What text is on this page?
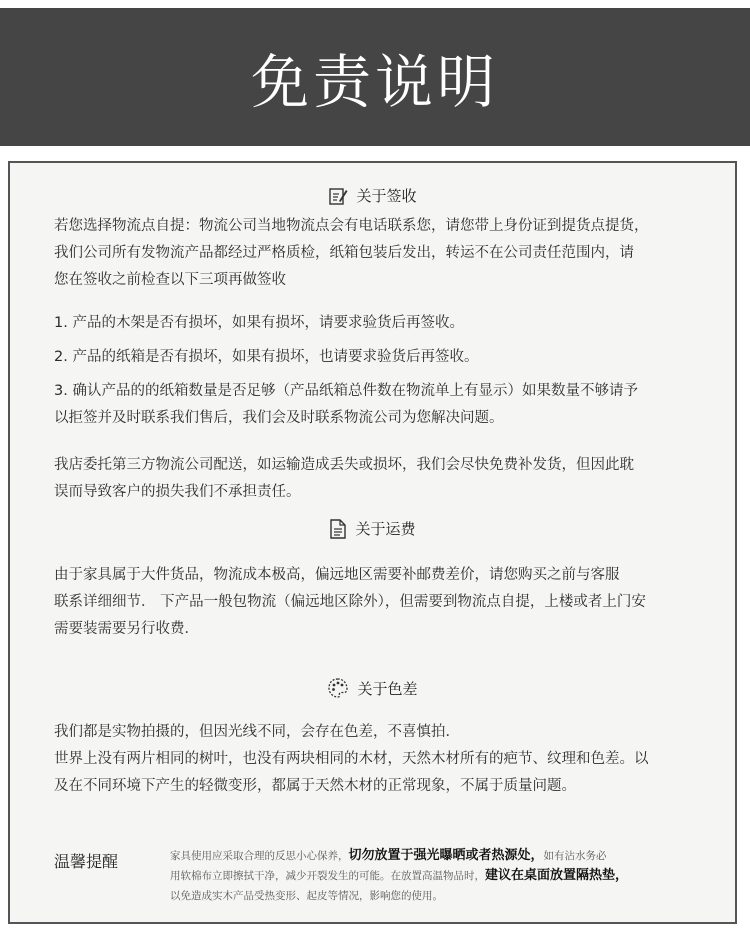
免责说明
关于签收
若您选择物流点自提：物流公司当地物流点会有电话联系您，请您带上身份证到提货点提货，
我们公司所有发物流产品都经过严格质检，纸箱包装后发出，转运不在公司责任范围内，请
您在签收之前检查以下三项再做签收
1. 产品的木架是否有损坏，如果有损坏，请要求验货后再签收。
2. 产品的纸箱是否有损坏，如果有损坏，也请要求验货后再签收。
3. 确认产品的的纸箱数量是否足够（产品纸箱总件数在物流单上有显示）如果数量不够请予
以拒签并及时联系我们售后，我们会及时联系物流公司为您解决问题。
我店委托第三方物流公司配送，如运输造成丢失或损坏，我们会尽快免费补发货，但因此耽
误而导致客户的损失我们不承担责任。
关于运费
由于家具属于大件货品，物流成本极高，偏远地区需要补邮费差价，请您购买之前与客服
联系详细细节． 下产品一般包物流（偏远地区除外），但需要到物流点自提，上楼或者上门安
需要装需要另行收费．
关于色差
我们都是实物拍摄的，但因光线不同，会存在色差，不喜慎拍．
世界上没有两片相同的树叶，也没有两块相同的木材，天然木材所有的疤节、纹理和色差。以
及在不同环境下产生的轻微变形，都属于天然木材的正常现象，不属于质量问题。
温馨提醒	家具使用应采取合理的反思小心保养，切勿放置于强光曝晒或者热源处，如有沾水务必
用软棉布立即擦拭干净，减少开裂发生的可能。在放置高温物品时，建议在桌面放置隔热垫，
以免造成实木产品受热变形、起皮等情况，影响您的使用。
